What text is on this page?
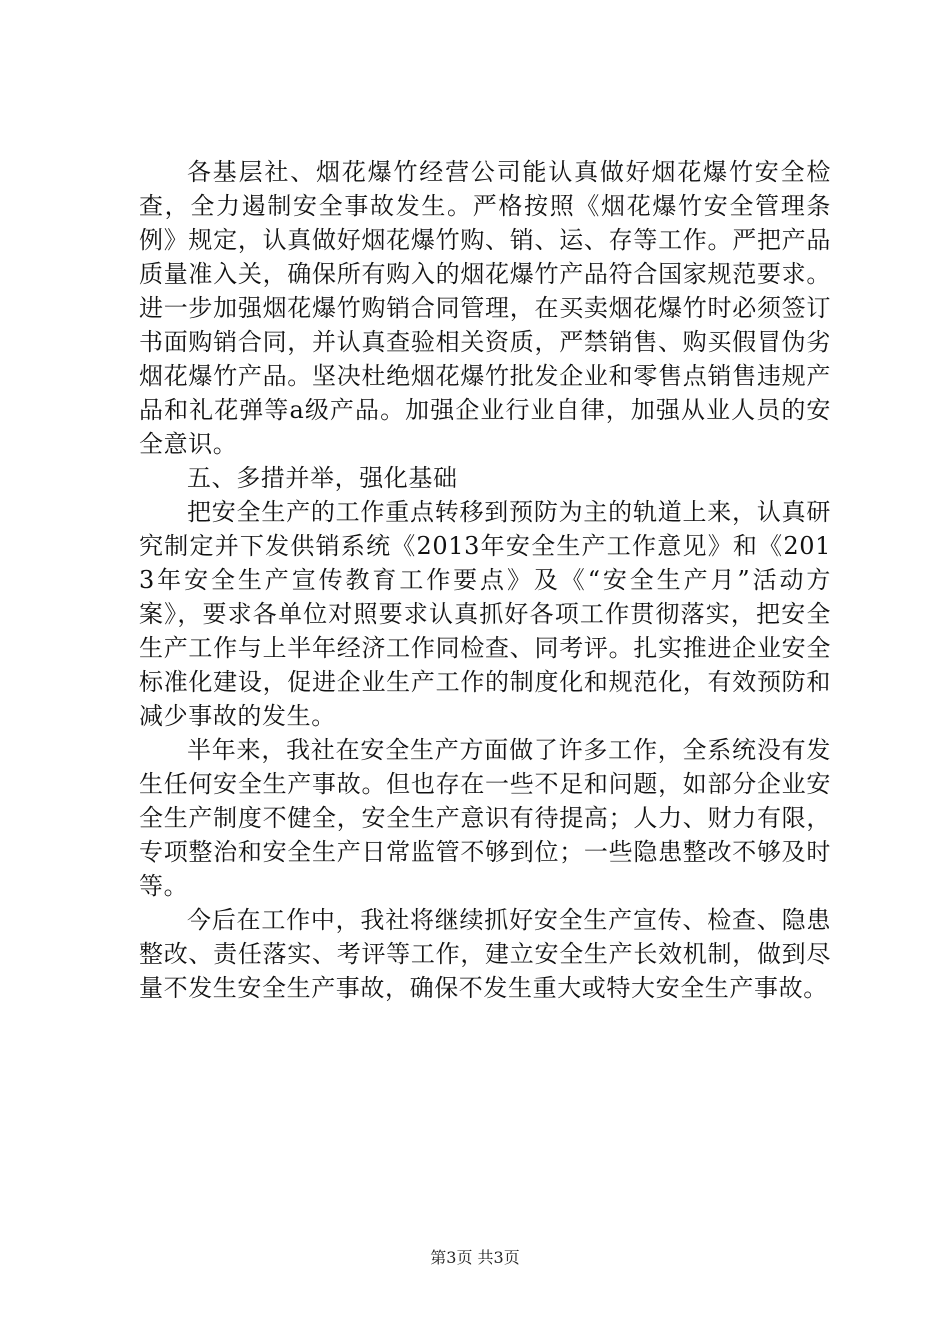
各基层社、烟花爆竹经营公司能认真做好烟花爆竹安全检查，全力遏制安全事故发生。严格按照《烟花爆竹安全管理条例》规定，认真做好烟花爆竹购、销、运、存等工作。严把产品质量准入关，确保所有购入的烟花爆竹产品符合国家规范要求。进一步加强烟花爆竹购销合同管理，在买卖烟花爆竹时必须签订书面购销合同，并认真查验相关资质，严禁销售、购买假冒伪劣烟花爆竹产品。坚决杜绝烟花爆竹批发企业和零售点销售违规产品和礼花弹等a级产品。加强企业行业自律，加强从业人员的安全意识。

五、多措并举，强化基础

把安全生产的工作重点转移到预防为主的轨道上来，认真研究制定并下发供销系统《2013年安全生产工作意见》和《2013年安全生产宣传教育工作要点》及《“安全生产月”活动方案》，要求各单位对照要求认真抓好各项工作贯彻落实，把安全生产工作与上半年经济工作同检查、同考评。扎实推进企业安全标准化建设，促进企业生产工作的制度化和规范化，有效预防和减少事故的发生。

半年来，我社在安全生产方面做了许多工作，全系统没有发生任何安全生产事故。但也存在一些不足和问题，如部分企业安全生产制度不健全，安全生产意识有待提高；人力、财力有限，专项整治和安全生产日常监管不够到位；一些隐患整改不够及时等。

今后在工作中，我社将继续抓好安全生产宣传、检查、隐患整改、责任落实、考评等工作，建立安全生产长效机制，做到尽量不发生安全生产事故，确保不发生重大或特大安全生产事故。

第3页 共3页
